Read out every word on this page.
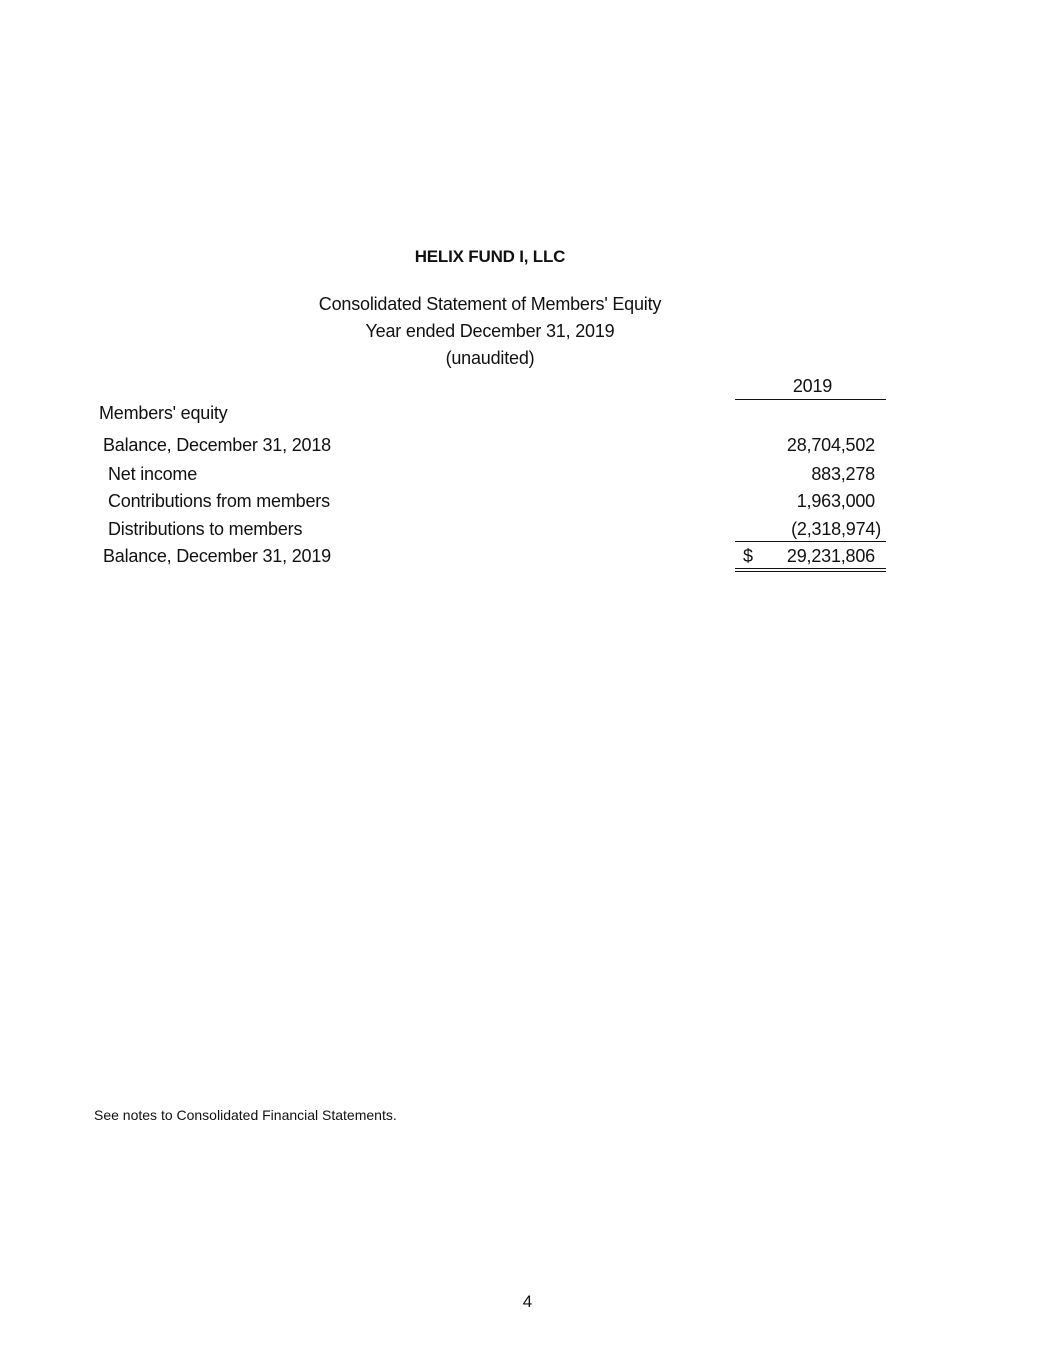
HELIX FUND I, LLC
Consolidated Statement of Members' Equity
Year ended December 31, 2019
(unaudited)
2019
Members' equity
Balance, December 31, 2018	28,704,502
Net income	883,278
Contributions from members	1,963,000
Distributions to members	(2,318,974)
Balance, December 31, 2019	$ 29,231,806
See notes to Consolidated Financial Statements.
4
